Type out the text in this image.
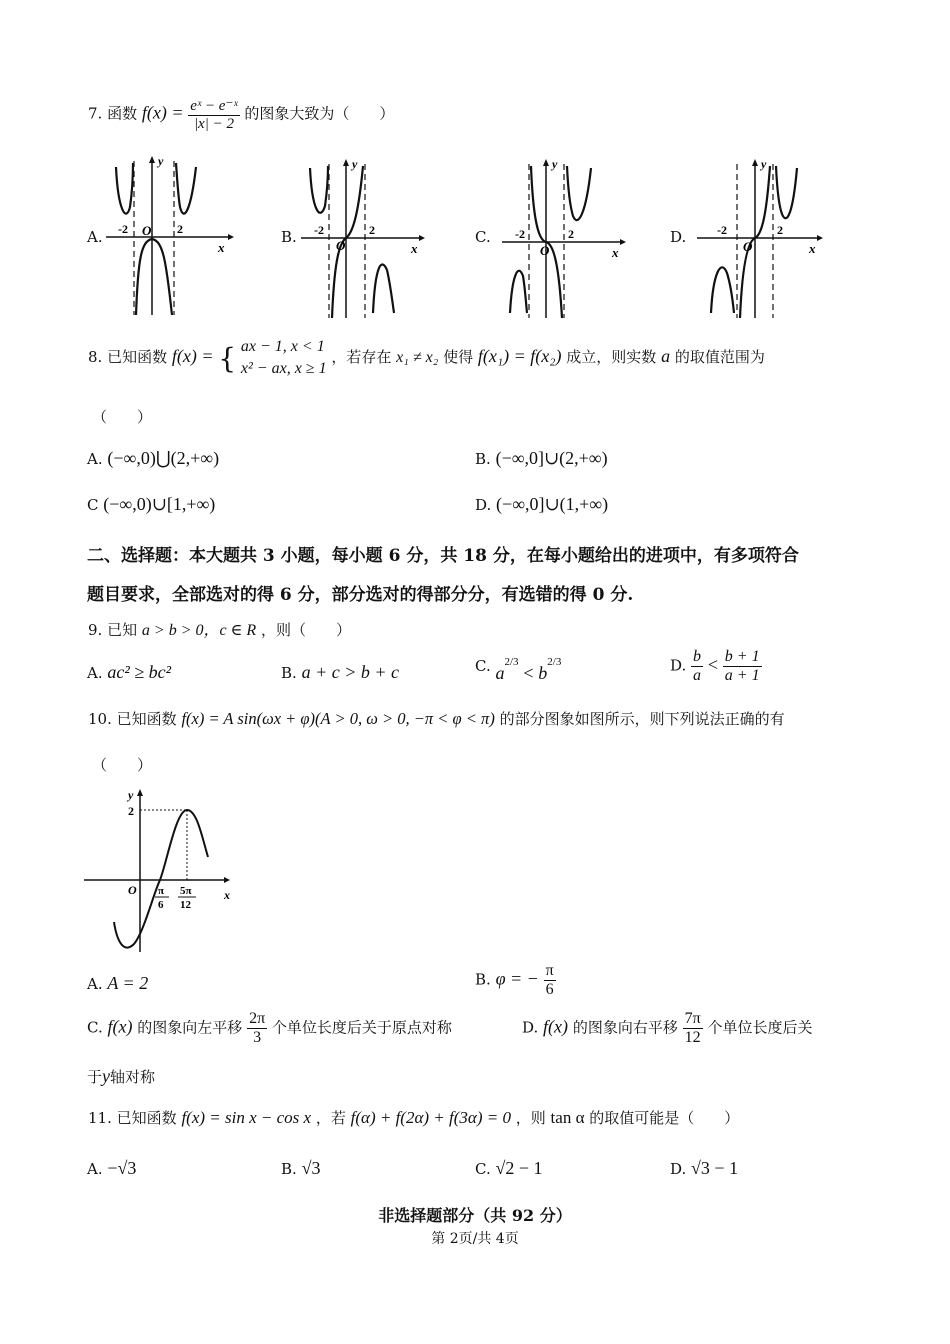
7. 函数 $f(x) = \frac{\text{eˣ − e⁻ˣ}}{|x| - 2}$ 的图象大致为（　　）
A.	B.	C.	D.
-2	2
O
x
y
-2	2
O	x
y
-2	2
O	x
y
-2	2
O	x
y
8. 已知函数 f(x) = { ax − 1, x < 1
x² − ax, x ≥ 1
，若存在 x₁ ≠ x₂ 使得 f(x₁) = f(x₂) 成立，则实数 a 的取值范围为
（　　）
A. (−∞,0)⋃(2,+∞)	B. (−∞,0]∪(2,+∞)
C (−∞,0)∪[1,+∞)	D. (−∞,0]∪(1,+∞)
二、选择题：本大题共 3 小题，每小题 6 分，共 18 分，在每小题给出的进项中，有多项符合
题目要求，全部选对的得 6 分，部分选对的得部分分，有选错的得 0 分.
9. 已知 a > b > 0，c ∈ R ，则（　　）
A. ac² ≥ bc²	B. a + c > b + c	C. $a^{2/3} < b^{2/3}$	D. $\frac{b}{a} < \frac{b + 1}{a + 1}$
10. 已知函数 f(x) = A sin(ωx + φ)(A > 0, ω > 0, −π < φ < π) 的部分图象如图所示，则下列说法正确的有
（　　）
y
2
O	x
π
6
5π
12
A. A = 2	B. φ = − $\frac{\pi}{6}$
C. f(x) 的图象向左平移 $\frac{2\pi}{3}$ 个单位长度后关于原点对称	D. f(x) 的图象向右平移 $\frac{7\pi}{12}$ 个单位长度后关
于y轴对称
11. 已知函数 f(x) = sin x − cos x ，若 f(α) + f(2α) + f(3α) = 0 ，则 tan α 的取值可能是（　　）
A. −√3	B. √3	C. √2 − 1	D. √3 − 1
非选择题部分（共 92 分）
第 2页/共 4页
